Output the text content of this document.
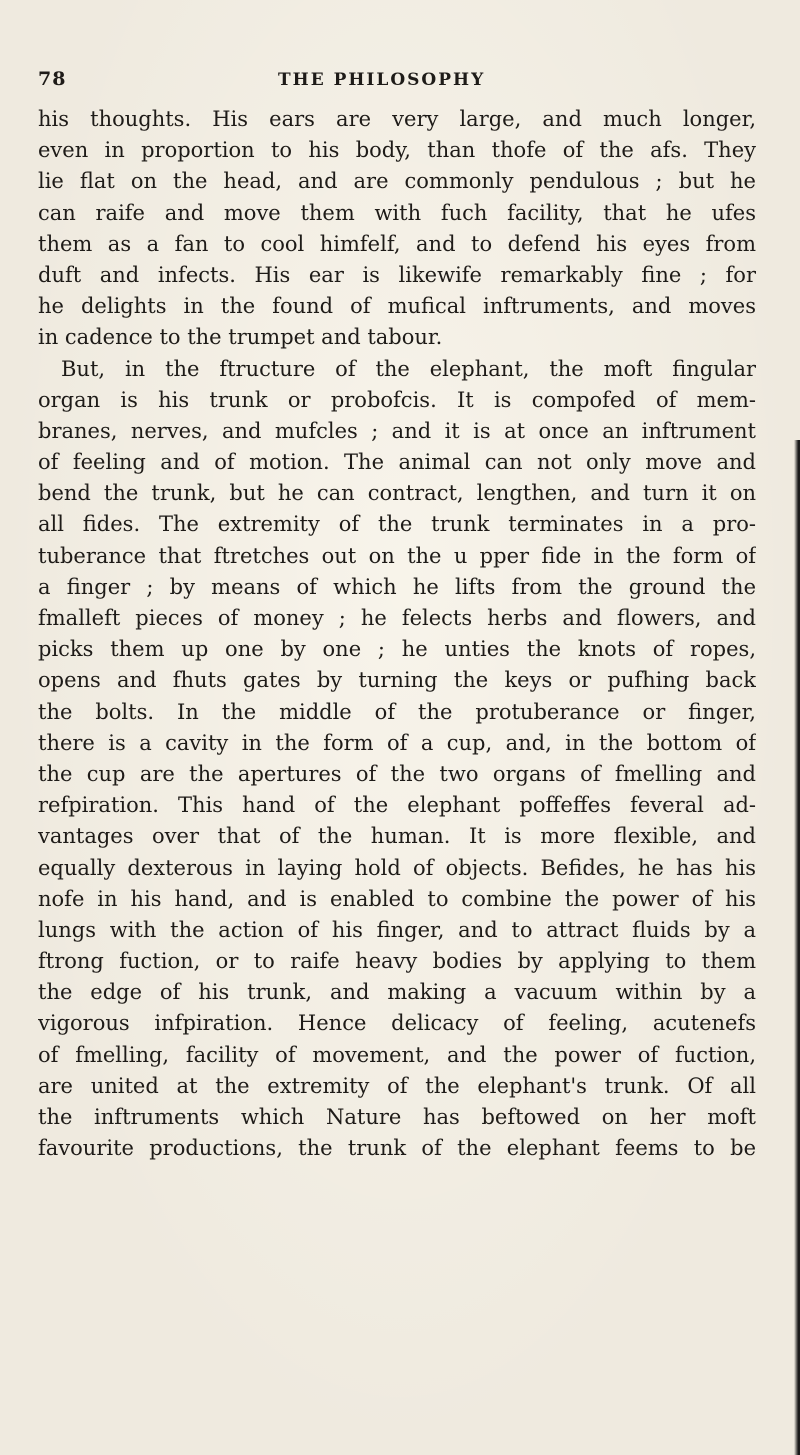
78	THE PHILOSOPHY
his thoughts. His ears are very large, and much longer,
even in proportion to his body, than thofe of the afs. They
lie flat on the head, and are commonly pendulous ; but he
can raife and move them with fuch facility, that he ufes
them as a fan to cool himfelf, and to defend his eyes from
duft and infects. His ear is likewife remarkably fine ; for
he delights in the found of mufical inftruments, and moves
in cadence to the trumpet and tabour.
But, in the ftructure of the elephant, the moft fingular
organ is his trunk or probofcis. It is compofed of mem-
branes, nerves, and mufcles ; and it is at once an inftrument
of feeling and of motion. The animal can not only move and
bend the trunk, but he can contract, lengthen, and turn it on
all fides. The extremity of the trunk terminates in a pro-
tuberance that ftretches out on the u pper fide in the form of
a finger ; by means of which he lifts from the ground the
fmalleft pieces of money ; he felects herbs and flowers, and
picks them up one by one ; he unties the knots of ropes,
opens and fhuts gates by turning the keys or pufhing back
the bolts. In the middle of the protuberance or finger,
there is a cavity in the form of a cup, and, in the bottom of
the cup are the apertures of the two organs of fmelling and
refpiration. This hand of the elephant poffeffes feveral ad-
vantages over that of the human. It is more flexible, and
equally dexterous in laying hold of objects. Befides, he has his
nofe in his hand, and is enabled to combine the power of his
lungs with the action of his finger, and to attract fluids by a
ftrong fuction, or to raife heavy bodies by applying to them
the edge of his trunk, and making a vacuum within by a
vigorous infpiration. Hence delicacy of feeling, acutenefs
of fmelling, facility of movement, and the power of fuction,
are united at the extremity of the elephant's trunk. Of all
the inftruments which Nature has beftowed on her moft
favourite productions, the trunk of the elephant feems to be
